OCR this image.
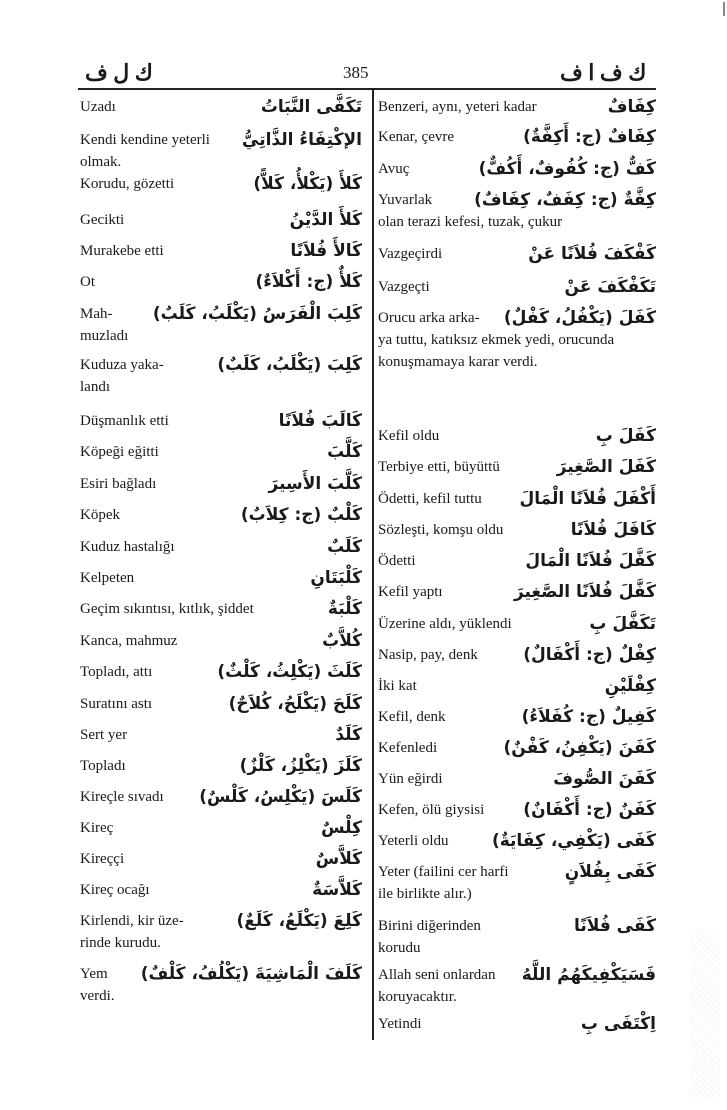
ك ل ف	385	ك ف ا ف
تَكَفَّى النَّبَاتُ
Uzadı
الإكْتِفَاءُ الذَّاتِيُّ
Kendi kendine yeterli
olmak.
كَلأَ (يَكْلأُ، كَلاًّ)
Korudu, gözetti
كَلأَ الدَّيْنُ
Gecikti
كَالأَ فُلاَنًا
Murakebe etti
كَلأٌ (ج: أَكْلاَءٌ)
Ot
كَلِبَ الْفَرَسُ (يَكْلَبُ، كَلَبٌ)
Mah-
muzladı
كَلِبَ (يَكْلَبُ، كَلَبٌ)
Kuduza yaka-
landı
كَالَبَ فُلاَنًا
Düşmanlık etti
كَلَّبَ
Köpeği eğitti
كَلَّبَ الأَسِيرَ
Esiri bağladı
كَلْبٌ (ج: كِلاَبٌ)
Köpek
كَلَبٌ
Kuduz hastalığı
كَلْبَتَانِ
Kelpeten
كَلْبَةٌ
Geçim sıkıntısı, kıtlık, şiddet
كُلاَّبٌ
Kanca, mahmuz
كَلَثَ (يَكْلِثُ، كَلْثٌ)
Topladı, attı
كَلَحَ (يَكْلَحُ، كُلاَحٌ)
Suratını astı
كَلَدٌ
Sert yer
كَلَزَ (يَكْلِزُ، كَلْزٌ)
Topladı
كَلَسَ (يَكْلِسُ، كَلْسٌ)
Kireçle sıvadı
كِلْسٌ
Kireç
كَلاَّسٌ
Kireççi
كَلاَّسَةٌ
Kireç ocağı
كَلِعَ (يَكْلَعُ، كَلَعٌ)
Kirlendi, kir üze-
rinde kurudu.
كَلَفَ الْمَاشِيَةَ (يَكْلُفُ، كَلْفٌ)
Yem
verdi.
كِفَافٌ
Benzeri, aynı, yeteri kadar
كِفَافٌ (ج: أَكِفَّةٌ)
Kenar, çevre
كَفٌّ (ج: كُفُوفٌ، أَكُفٌّ)
Avuç
كِفَّةٌ (ج: كِفَفٌ، كِفَافٌ)
Yuvarlak
olan terazi kefesi, tuzak, çukur
كَفْكَفَ فُلاَنًا عَنْ
Vazgeçirdi
تَكَفْكَفَ عَنْ
Vazgeçti
كَفَلَ (يَكْفُلُ، كَفْلٌ)
Orucu arka arka-
ya tuttu, katıksız ekmek yedi, orucunda konuşmamaya karar verdi.
كَفَلَ بِ
Kefil oldu
كَفَلَ الصَّغِيرَ
Terbiye etti, büyüttü
أَكْفَلَ فُلاَنًا الْمَالَ
Ödetti, kefil tuttu
كَافَلَ فُلاَنًا
Sözleşti, komşu oldu
كَفَّلَ فُلاَنًا الْمَالَ
Ödetti
كَفَّلَ فُلاَنًا الصَّغِيرَ
Kefil yaptı
تَكَفَّلَ بِ
Üzerine aldı, yüklendi
كِفْلٌ (ج: أَكْفَالٌ)
Nasip, pay, denk
كِفْلَيْنِ
İki kat
كَفِيلٌ (ج: كُفَلاَءُ)
Kefil, denk
كَفَنَ (يَكْفِنُ، كَفْنٌ)
Kefenledi
كَفَنَ الصُّوفَ
Yün eğirdi
كَفَنٌ (ج: أَكْفَانٌ)
Kefen, ölü giysisi
كَفَى (يَكْفِي، كِفَايَةٌ)
Yeterli oldu
كَفَى بِفُلاَنٍ
Yeter (failini cer harfi
ile birlikte alır.)
كَفَى فُلاَنًا
Birini diğerinden
korudu
فَسَيَكْفِيكَهُمُ اللَّهُ
Allah seni onlardan
koruyacaktır.
اِكْتَفَى بِ
Yetindi
